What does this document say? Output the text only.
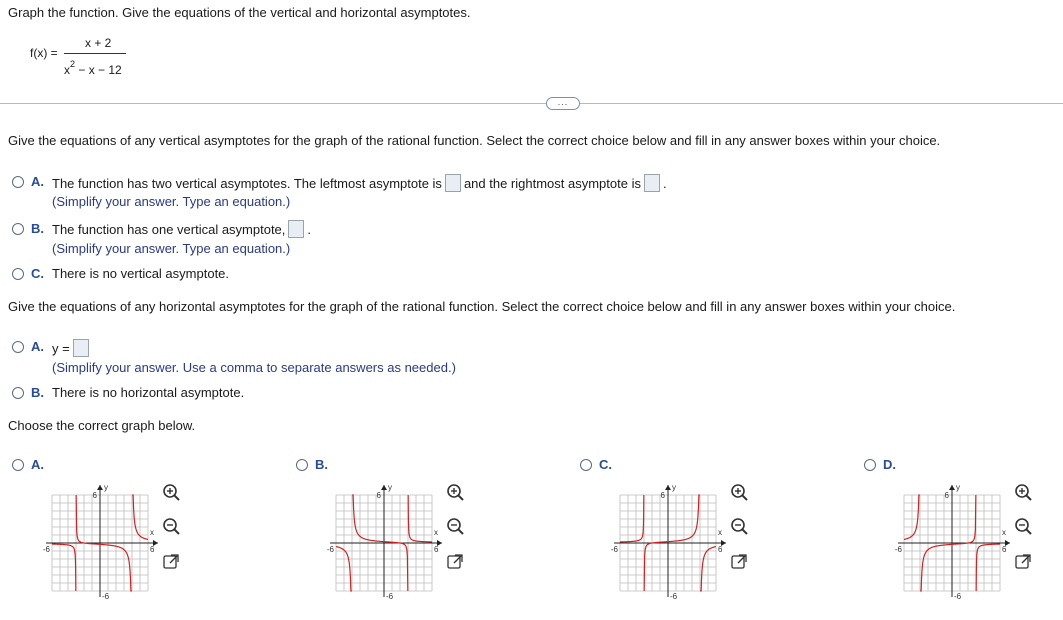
Graph the function. Give the equations of the vertical and horizontal asymptotes.
f(x) =
x + 2
$x^2 - x - 12$
...
Give the equations of any vertical asymptotes for the graph of the rational function. Select the correct choice below and fill in any answer boxes within your choice.
A. The function has two vertical asymptotes. The leftmost asymptote is and the rightmost asymptote is .
(Simplify your answer. Type an equation.)
B. The function has one vertical asymptote, .
(Simplify your answer. Type an equation.)
C. There is no vertical asymptote.
Give the equations of any horizontal asymptotes for the graph of the rational function. Select the correct choice below and fill in any answer boxes within your choice.
A. y =
(Simplify your answer. Use a comma to separate answers as needed.)
B. There is no horizontal asymptote.
Choose the correct graph below.
A.
y
x
6
-6
-6	6
B.
y
x
6
-6
-6	6
C.
y
x
6
-6
-6	6
D.
y
x
6
-6
-6	6
